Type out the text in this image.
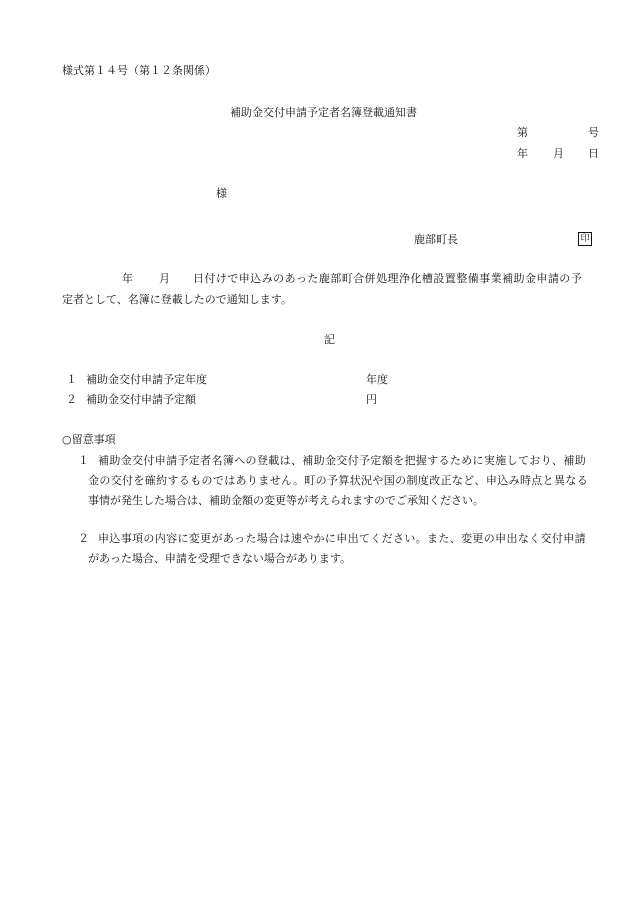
様式第１４号（第１２条関係）
補助金交付申請予定者名簿登載通知書
第	号
年 月 日
様
鹿部町長	印
年 月 日付けで申込みのあった鹿部町合併処理浄化槽設置整備事業補助金申請の予
定者として、名簿に登載したので通知します。
記
１ 補助金交付申請予定年度	年度
２ 補助金交付申請予定額	円
○留意事項
１ 補助金交付申請予定者名簿への登載は、補助金交付予定額を把握するために実施しており、補助
金の交付を確約するものではありません。町の予算状況や国の制度改正など、申込み時点と異なる
事情が発生した場合は、補助金額の変更等が考えられますのでご承知ください。
２ 申込事項の内容に変更があった場合は速やかに申出てください。また、変更の申出なく交付申請
があった場合、申請を受理できない場合があります。
